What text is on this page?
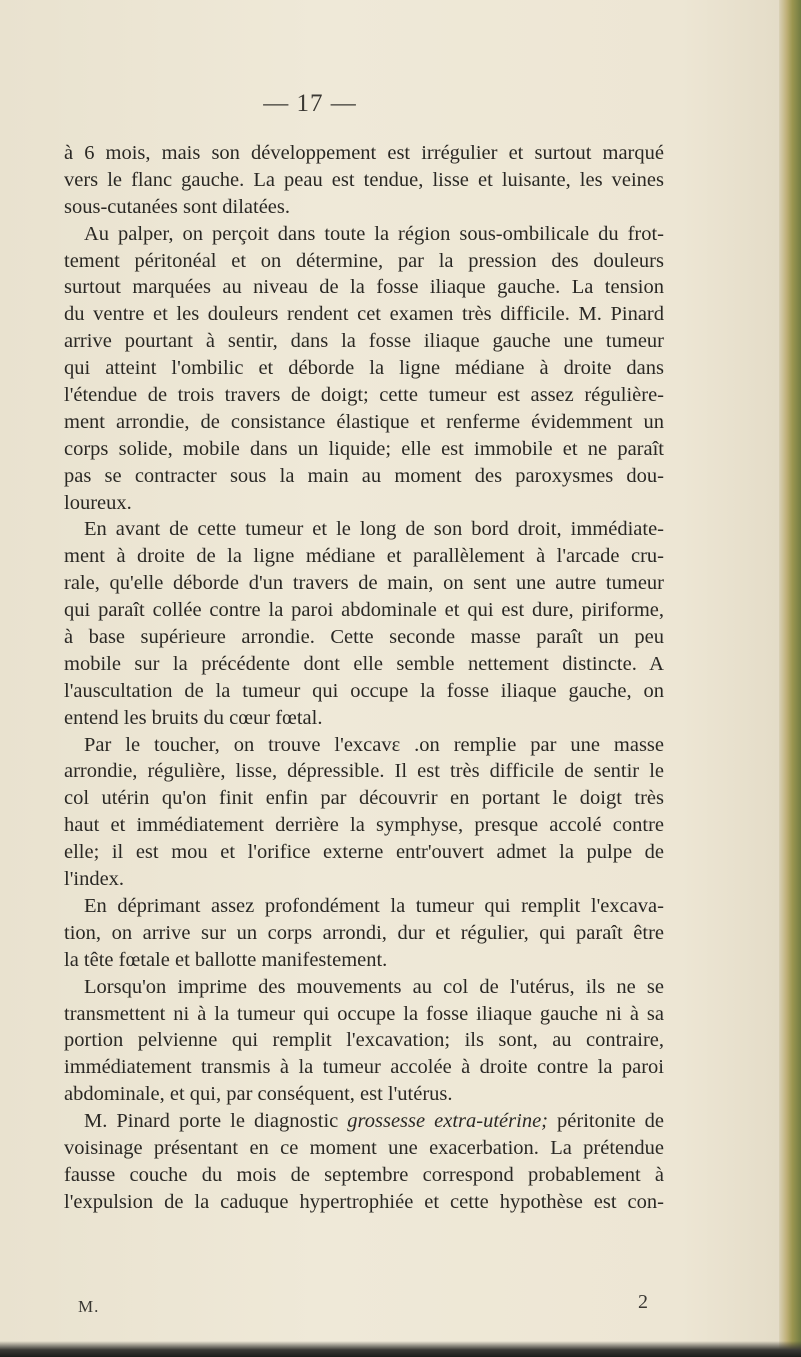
— 17 —
à 6 mois, mais son développement est irrégulier et surtout marqué
vers le flanc gauche. La peau est tendue, lisse et luisante, les veines
sous-cutanées sont dilatées.
Au palper, on perçoit dans toute la région sous-ombilicale du frot-
tement péritonéal et on détermine, par la pression des douleurs
surtout marquées au niveau de la fosse iliaque gauche. La tension
du ventre et les douleurs rendent cet examen très difficile. M. Pinard
arrive pourtant à sentir, dans la fosse iliaque gauche une tumeur
qui atteint l'ombilic et déborde la ligne médiane à droite dans
l'étendue de trois travers de doigt; cette tumeur est assez régulière-
ment arrondie, de consistance élastique et renferme évidemment un
corps solide, mobile dans un liquide; elle est immobile et ne paraît
pas se contracter sous la main au moment des paroxysmes dou-
loureux.
En avant de cette tumeur et le long de son bord droit, immédiate-
ment à droite de la ligne médiane et parallèlement à l'arcade cru-
rale, qu'elle déborde d'un travers de main, on sent une autre tumeur
qui paraît collée contre la paroi abdominale et qui est dure, piriforme,
à base supérieure arrondie. Cette seconde masse paraît un peu
mobile sur la précédente dont elle semble nettement distincte. A
l'auscultation de la tumeur qui occupe la fosse iliaque gauche, on
entend les bruits du cœur fœtal.
Par le toucher, on trouve l'excavɛ .on remplie par une masse
arrondie, régulière, lisse, dépressible. Il est très difficile de sentir le
col utérin qu'on finit enfin par découvrir en portant le doigt très
haut et immédiatement derrière la symphyse, presque accolé contre
elle; il est mou et l'orifice externe entr'ouvert admet la pulpe de
l'index.
En déprimant assez profondément la tumeur qui remplit l'excava-
tion, on arrive sur un corps arrondi, dur et régulier, qui paraît être
la tête fœtale et ballotte manifestement.
Lorsqu'on imprime des mouvements au col de l'utérus, ils ne se
transmettent ni à la tumeur qui occupe la fosse iliaque gauche ni à sa
portion pelvienne qui remplit l'excavation; ils sont, au contraire,
immédiatement transmis à la tumeur accolée à droite contre la paroi
abdominale, et qui, par conséquent, est l'utérus.
M. Pinard porte le diagnostic grossesse extra-utérine; péritonite de
voisinage présentant en ce moment une exacerbation. La prétendue
fausse couche du mois de septembre correspond probablement à
l'expulsion de la caduque hypertrophiée et cette hypothèse est con-
M.	2
